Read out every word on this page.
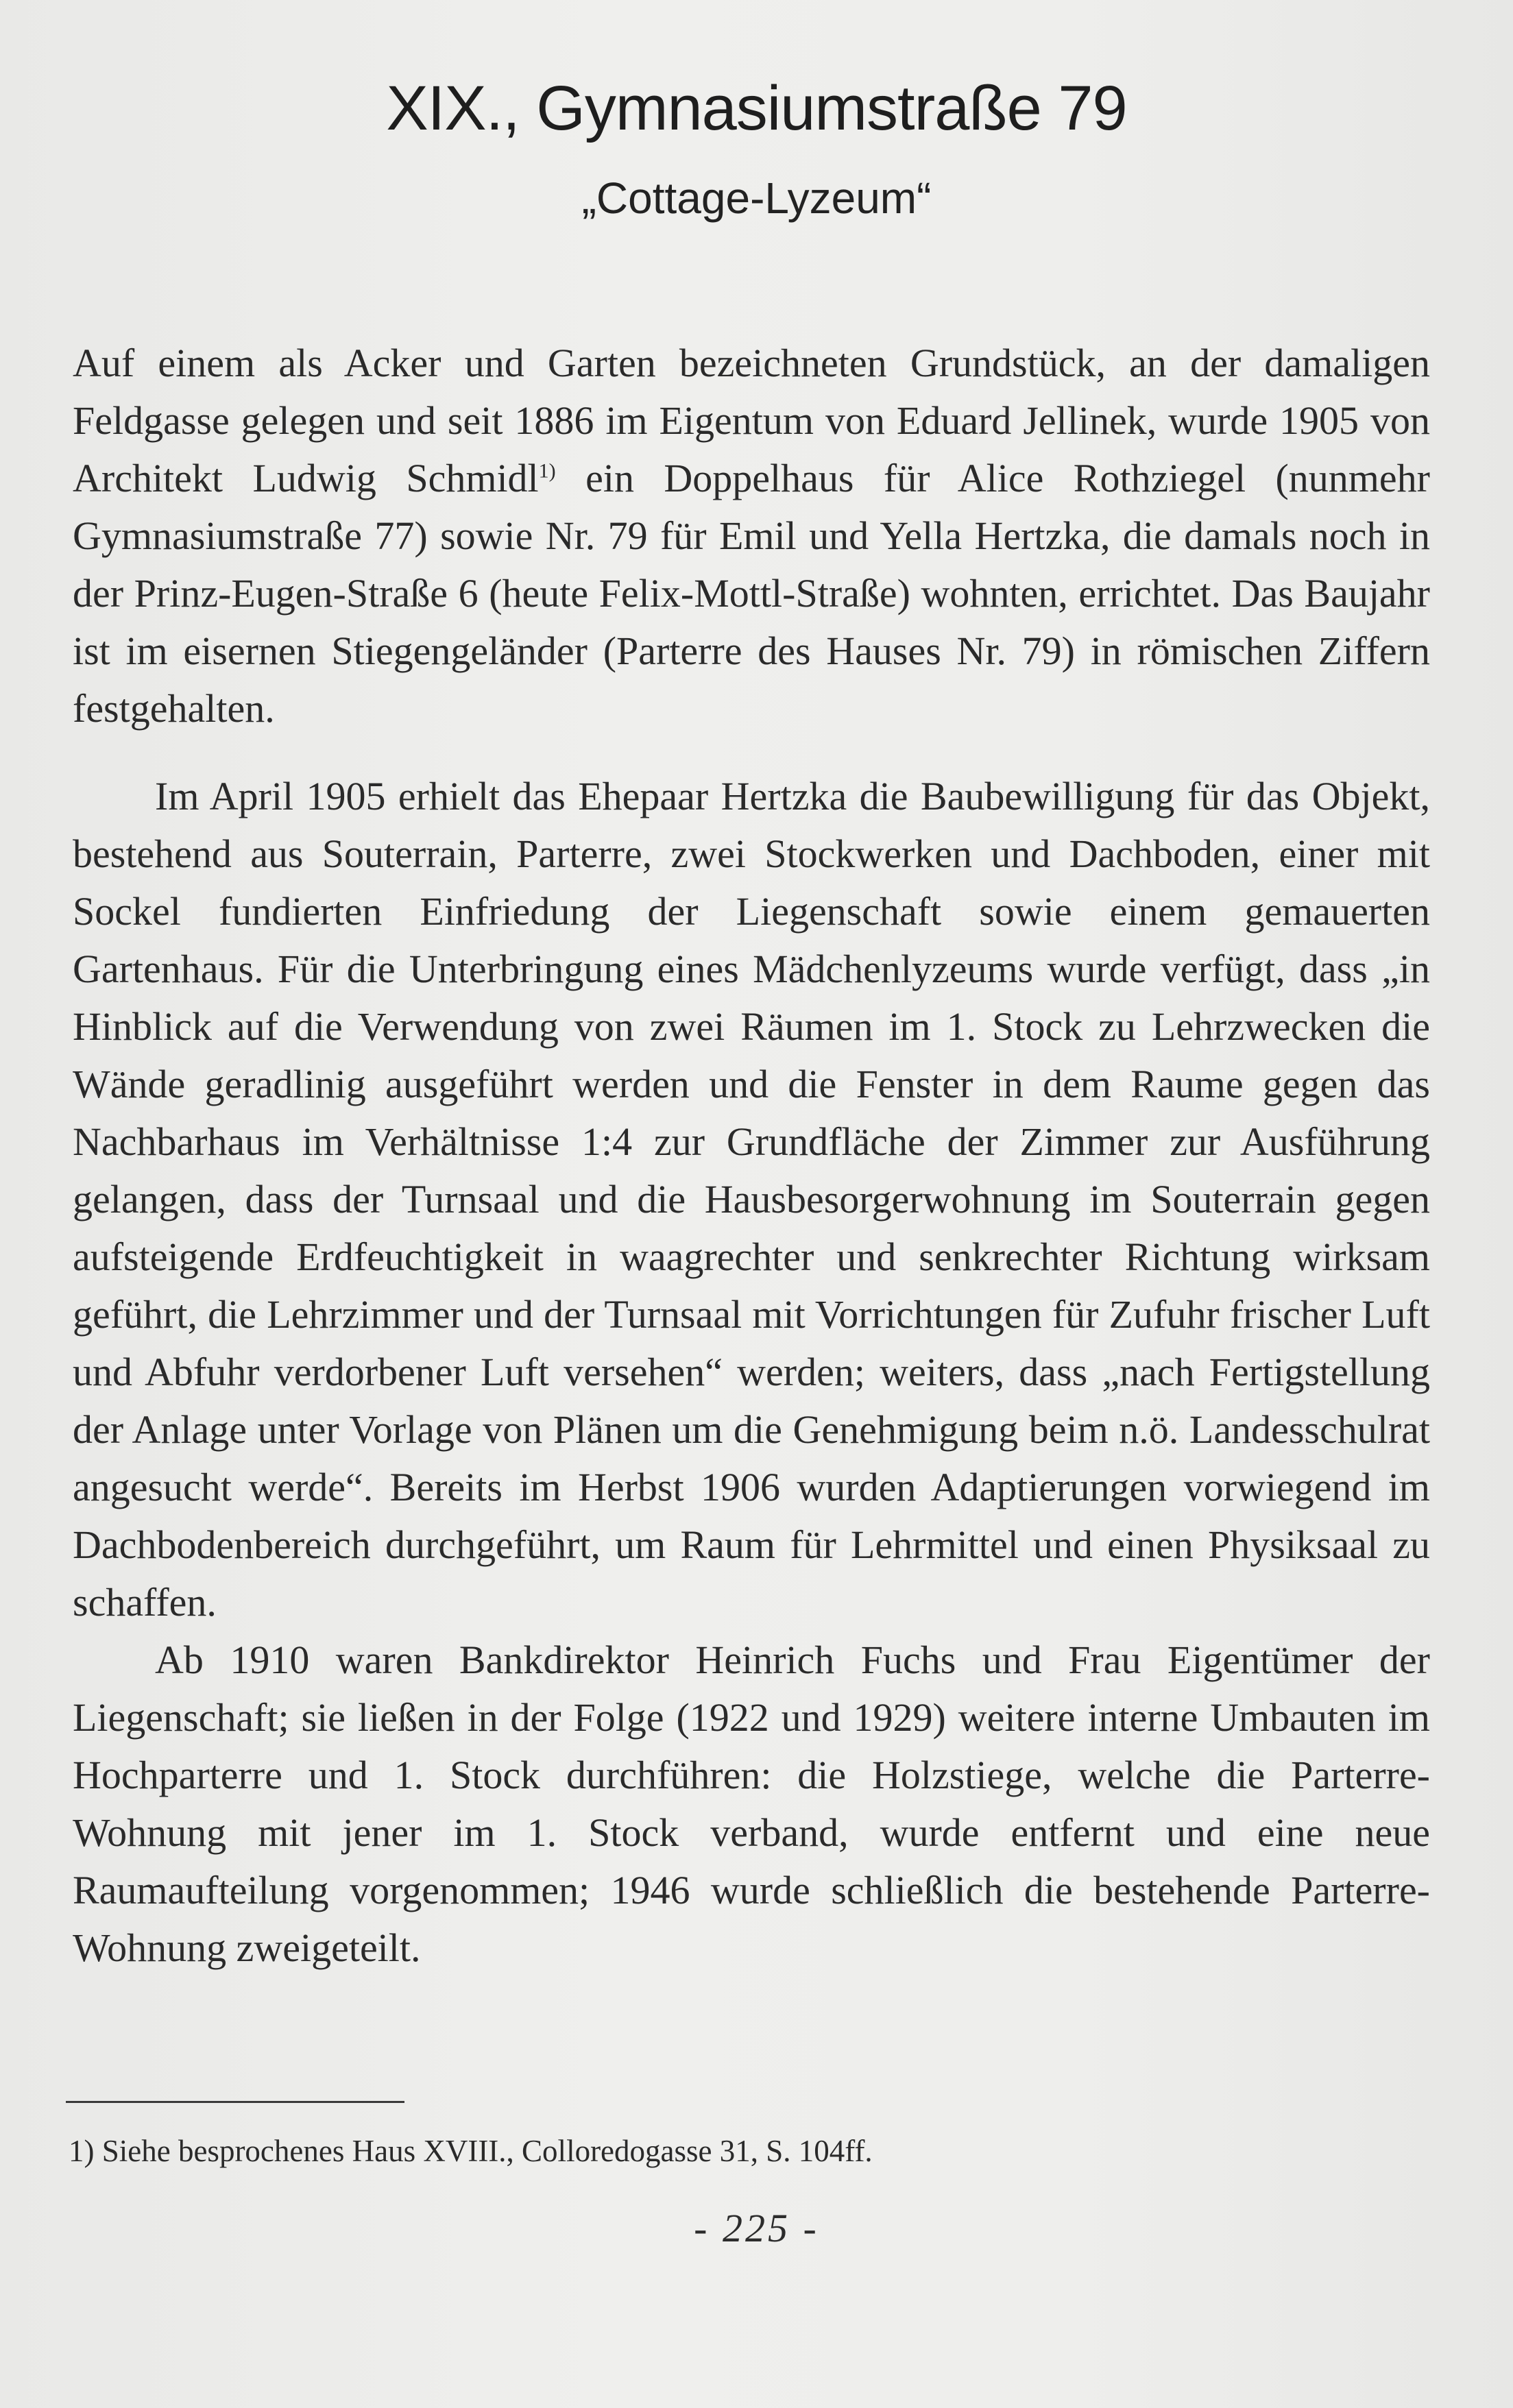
XIX., Gymnasiumstraße 79
„Cottage-Lyzeum“

Auf einem als Acker und Garten bezeichneten Grundstück, an der damaligen Feldgasse gelegen und seit 1886 im Eigentum von Eduard Jellinek, wurde 1905 von Architekt Ludwig Schmidl$^{1)}$ ein Doppelhaus für Alice Rothziegel (nunmehr Gymnasiumstraße 77) sowie Nr. 79 für Emil und Yella Hertzka, die damals noch in der Prinz-Eugen-Straße 6 (heute Felix-Mottl-Straße) wohnten, errichtet. Das Baujahr ist im eisernen Stiegengeländer (Parterre des Hauses Nr. 79) in römischen Ziffern festgehalten.

Im April 1905 erhielt das Ehepaar Hertzka die Baubewilligung für das Objekt, bestehend aus Souterrain, Parterre, zwei Stockwerken und Dachboden, einer mit Sockel fundierten Einfriedung der Liegenschaft sowie einem gemauerten Gartenhaus. Für die Unterbringung eines Mädchenlyzeums wurde verfügt, dass „in Hinblick auf die Verwendung von zwei Räumen im 1. Stock zu Lehrzwecken die Wände geradlinig ausgeführt werden und die Fenster in dem Raume gegen das Nachbarhaus im Verhältnisse 1:4 zur Grundfläche der Zimmer zur Ausführung gelangen, dass der Turnsaal und die Hausbesorgerwohnung im Souterrain gegen aufsteigende Erdfeuchtigkeit in waagrechter und senkrechter Richtung wirksam geführt, die Lehrzimmer und der Turnsaal mit Vorrichtungen für Zufuhr frischer Luft und Abfuhr verdorbener Luft versehen“ werden; weiters, dass „nach Fertigstellung der Anlage unter Vorlage von Plänen um die Genehmigung beim n.ö. Landesschulrat angesucht werde“. Bereits im Herbst 1906 wurden Adaptierungen vorwiegend im Dachbodenbereich durchgeführt, um Raum für Lehrmittel und einen Physiksaal zu schaffen.

Ab 1910 waren Bankdirektor Heinrich Fuchs und Frau Eigentümer der Liegenschaft; sie ließen in der Folge (1922 und 1929) weitere interne Umbauten im Hochparterre und 1. Stock durchführen: die Holzstiege, welche die Parterre-Wohnung mit jener im 1. Stock verband, wurde entfernt und eine neue Raumaufteilung vorgenommen; 1946 wurde schließlich die bestehende Parterre-Wohnung zweigeteilt.

1) Siehe besprochenes Haus XVIII., Colloredogasse 31, S. 104ff.
- 225 -
